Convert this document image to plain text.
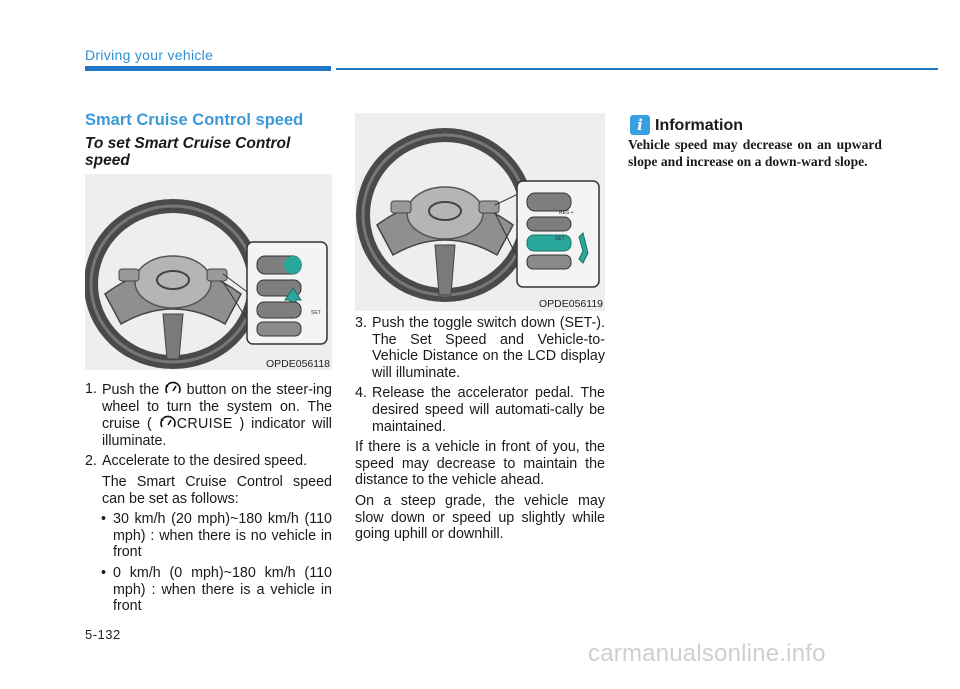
Driving your vehicle
Smart Cruise Control speed
To set Smart Cruise Control speed
SET
OPDE056118

1. Push the button on the steer-ing wheel to turn the system on. The cruise ( CRUISE ) indicator will illuminate.

2. Accelerate to the desired speed.

The Smart Cruise Control speed can be set as follows:

• 30 km/h (20 mph)~180 km/h (110 mph) : when there is no vehicle in front

• 0 km/h (0 mph)~180 km/h (110 mph) : when there is a vehicle in front

RES +
SET -
OPDE056119

3. Push the toggle switch down (SET-). The Set Speed and Vehicle-to-Vehicle Distance on the LCD display will illuminate.

4. Release the accelerator pedal. The desired speed will automati-cally be maintained.

If there is a vehicle in front of you, the speed may decrease to maintain the distance to the vehicle ahead.

On a steep grade, the vehicle may slow down or speed up slightly while going uphill or downhill.

i Information
Vehicle speed may decrease on an upward slope and increase on a down-ward slope.
5-132
carmanualsonline.info
